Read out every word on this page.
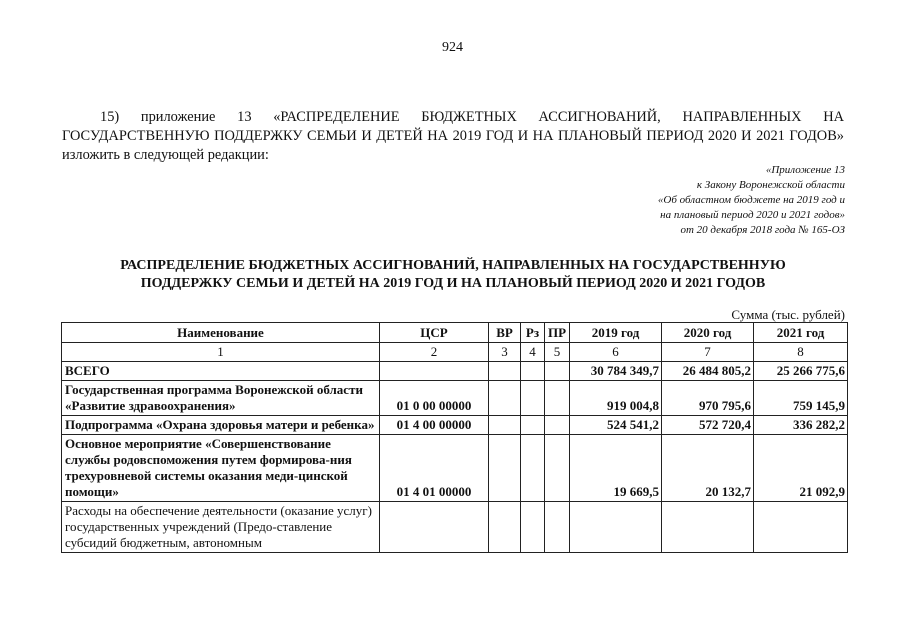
924
15) приложение 13 «РАСПРЕДЕЛЕНИЕ БЮДЖЕТНЫХ АССИГНОВАНИЙ, НАПРАВЛЕННЫХ НА ГОСУДАРСТВЕННУЮ ПОДДЕРЖКУ СЕМЬИ И ДЕТЕЙ НА 2019 ГОД И НА ПЛАНОВЫЙ ПЕРИОД 2020 И 2021 ГОДОВ» изложить в следующей редакции:
«Приложение 13
к Закону Воронежской области
«Об областном бюджете на 2019 год и
на плановый период 2020 и 2021 годов»
от 20 декабря 2018 года № 165-ОЗ
РАСПРЕДЕЛЕНИЕ БЮДЖЕТНЫХ АССИГНОВАНИЙ, НАПРАВЛЕННЫХ НА ГОСУДАРСТВЕННУЮ
ПОДДЕРЖКУ СЕМЬИ И ДЕТЕЙ НА 2019 ГОД И НА ПЛАНОВЫЙ ПЕРИОД 2020 И 2021 ГОДОВ
Сумма (тыс. рублей)
Наименование	ЦСР	ВР	Рз	ПР	2019 год	2020 год	2021 год
1	2	3	4	5	6	7	8
ВСЕГО					30 784 349,7	26 484 805,2	25 266 775,6
Государственная программа Воронежской области «Развитие здравоохранения»	01 0 00 00000				919 004,8	970 795,6	759 145,9
Подпрограмма «Охрана здоровья матери и ребенка»	01 4 00 00000				524 541,2	572 720,4	336 282,2
Основное мероприятие «Совершенствование службы родовспоможения путем формирова-ния трехуровневой системы оказания меди-цинской помощи»	01 4 01 00000				19 669,5	20 132,7	21 092,9
Расходы на обеспечение деятельности (оказание услуг) государственных учреждений (Предо-ставление субсидий бюджетным, автономным							
